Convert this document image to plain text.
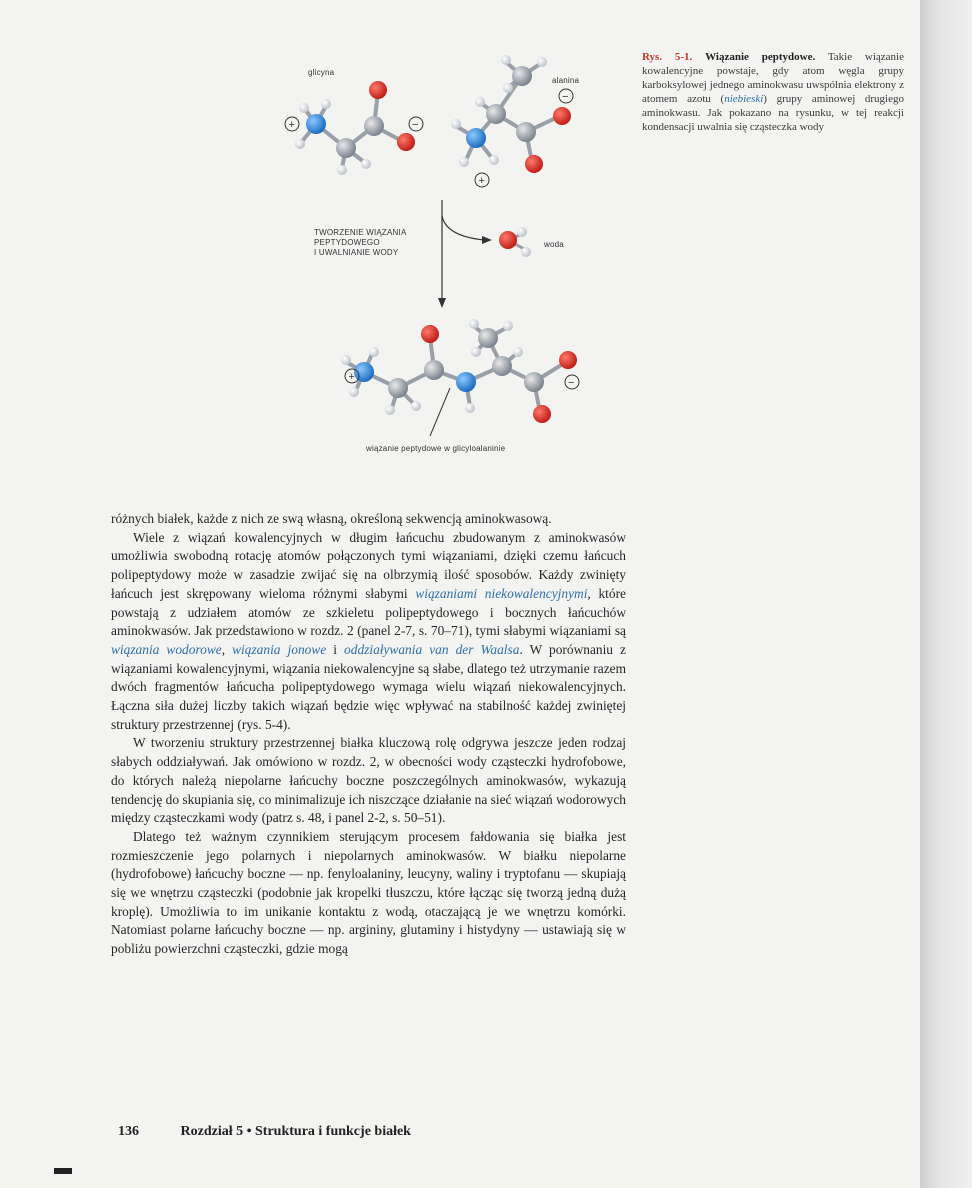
+	−
+
−
+	−
glicyna
alanina
TWORZENIE WIĄZANIA
PEPTYDOWEGO
I UWALNIANIE WODY
woda
wiązanie peptydowe w glicyloalaninie
Rys. 5-1. Wiązanie peptydowe. Takie wiązanie kowalencyjne powstaje, gdy atom węgla grupy karboksylowej jednego aminokwasu uwspólnia elektrony z atomem azotu (niebieski) grupy aminowej drugiego aminokwasu. Jak pokazano na rysunku, w tej reakcji kondensacji uwalnia się cząsteczka wody

różnych białek, każde z nich ze swą własną, określoną sekwencją aminokwasową.

Wiele z wiązań kowalencyjnych w długim łańcuchu zbudowanym z aminokwasów umożliwia swobodną rotację atomów połączonych tymi wiązaniami, dzięki czemu łańcuch polipeptydowy może w zasadzie zwijać się na olbrzymią ilość sposobów. Każdy zwinięty łańcuch jest skrępowany wieloma różnymi słabymi wiązaniami niekowalencyjnymi, które powstają z udziałem atomów ze szkieletu polipeptydowego i bocznych łańcuchów aminokwasów. Jak przedstawiono w rozdz. 2 (panel 2-7, s. 70–71), tymi słabymi wiązaniami są wiązania wodorowe, wiązania jonowe i oddziaływania van der Waalsa. W porównaniu z wiązaniami kowalencyjnymi, wiązania niekowalencyjne są słabe, dlatego też utrzymanie razem dwóch fragmentów łańcucha polipeptydowego wymaga wielu wiązań niekowalencyjnych. Łączna siła dużej liczby takich wiązań będzie więc wpływać na stabilność każdej zwiniętej struktury przestrzennej (rys. 5-4).

W tworzeniu struktury przestrzennej białka kluczową rolę odgrywa jeszcze jeden rodzaj słabych oddziaływań. Jak omówiono w rozdz. 2, w obecności wody cząsteczki hydrofobowe, do których należą niepolarne łańcuchy boczne poszczególnych aminokwasów, wykazują tendencję do skupiania się, co minimalizuje ich niszczące działanie na sieć wiązań wodorowych między cząsteczkami wody (patrz s. 48, i panel 2-2, s. 50–51).

Dlatego też ważnym czynnikiem sterującym procesem fałdowania się białka jest rozmieszczenie jego polarnych i niepolarnych aminokwasów. W białku niepolarne (hydrofobowe) łańcuchy boczne — np. fenyloalaniny, leucyny, waliny i tryptofanu — skupiają się we wnętrzu cząsteczki (podobnie jak kropelki tłuszczu, które łącząc się tworzą jedną dużą kroplę). Umożliwia to im unikanie kontaktu z wodą, otaczającą je we wnętrzu komórki. Natomiast polarne łańcuchy boczne — np. argininy, glutaminy i histydyny — ustawiają się w pobliżu powierzchni cząsteczki, gdzie mogą

136	Rozdział 5 • Struktura i funkcje białek
